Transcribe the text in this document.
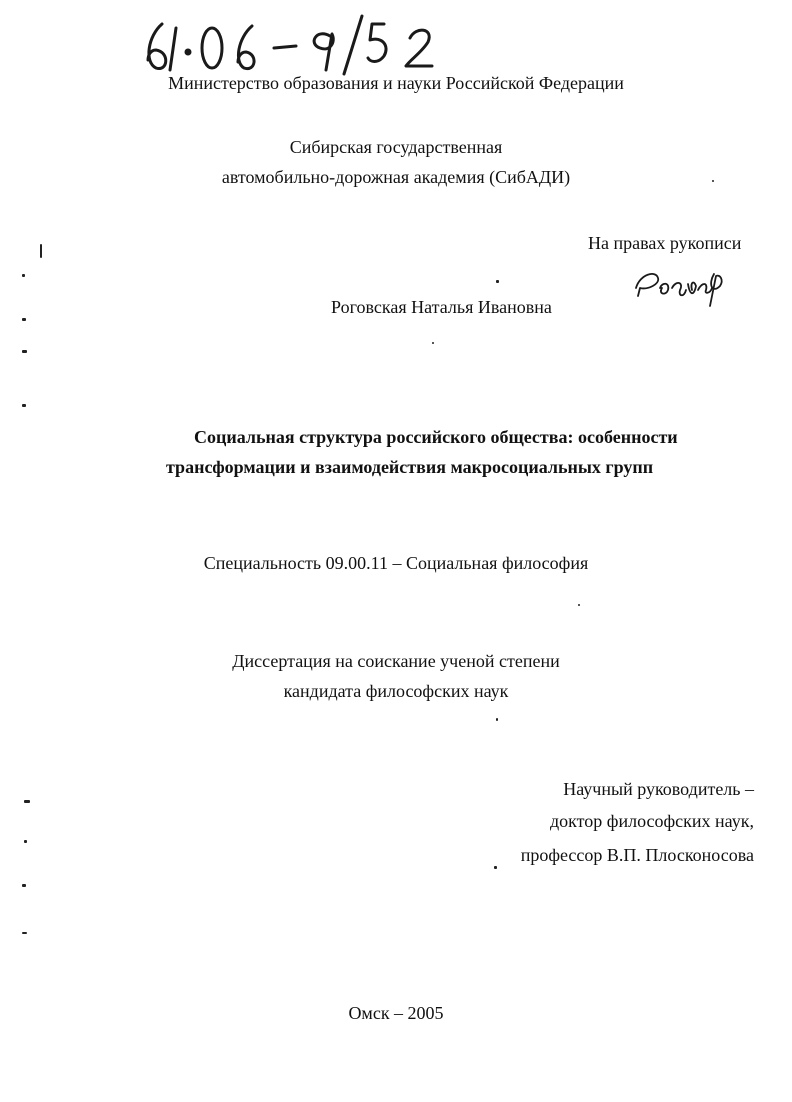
Министерство образования и науки Российской Федерации
Сибирская государственная
автомобильно-дорожная академия (СибАДИ)
На правах рукописи
Роговская Наталья Ивановна
Социальная структура российского общества: особенности
трансформации и взаимодействия макросоциальных групп
Специальность 09.00.11 – Социальная философия
Диссертация на соискание ученой степени
кандидата философских наук
Научный руководитель –
доктор философских наук,
профессор В.П. Плосконосова
Омск – 2005
